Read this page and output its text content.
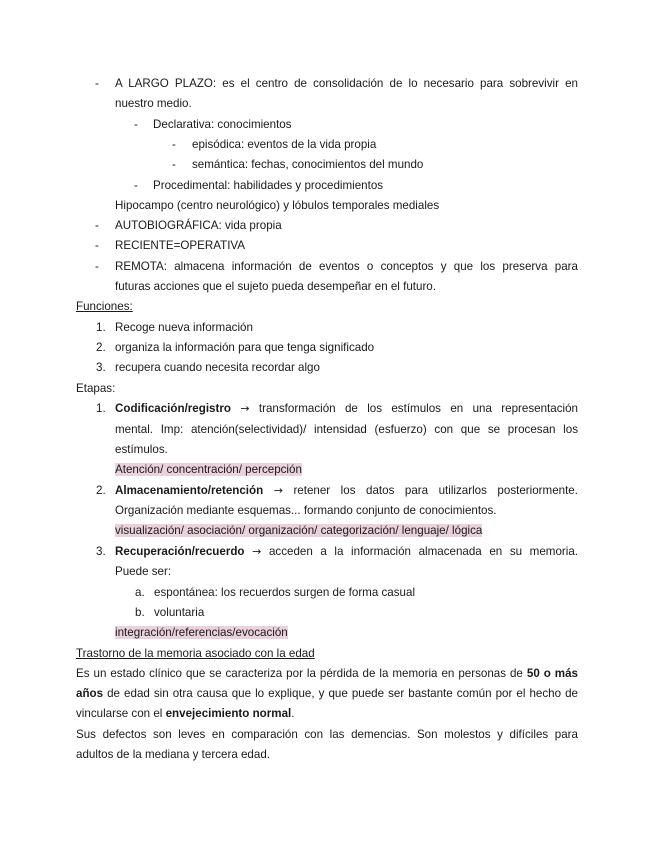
- A LARGO PLAZO: es el centro de consolidación de lo necesario para sobrevivir en
nuestro medio.
- Declarativa: conocimientos
- episódica: eventos de la vida propia
- semántica: fechas, conocimientos del mundo
- Procedimental: habilidades y procedimientos
Hipocampo (centro neurológico) y lóbulos temporales mediales
- AUTOBIOGRÁFICA: vida propia
- RECIENTE=OPERATIVA
- REMOTA: almacena información de eventos o conceptos y que los preserva para
futuras acciones que el sujeto pueda desempeñar en el futuro.
Funciones:
1. Recoge nueva información
2. organiza la información para que tenga significado
3. recupera cuando necesita recordar algo
Etapas:
1. Codificación/registro → transformación de los estímulos en una representación
mental. Imp: atención(selectividad)/ intensidad (esfuerzo) con que se procesan los
estímulos.
Atención/ concentración/ percepción
2. Almacenamiento/retención → retener los datos para utilizarlos posteriormente.
Organización mediante esquemas... formando conjunto de conocimientos.
visualización/ asociación/ organización/ categorización/ lenguaje/ lógica
3. Recuperación/recuerdo → acceden a la información almacenada en su memoria.
Puede ser:
a. espontánea: los recuerdos surgen de forma casual
b. voluntaria
integración/referencias/evocación
Trastorno de la memoria asociado con la edad
Es un estado clínico que se caracteriza por la pérdida de la memoria en personas de 50 o más
años de edad sin otra causa que lo explique, y que puede ser bastante común por el hecho de
vincularse con el envejecimiento normal.
Sus defectos son leves en comparación con las demencias. Son molestos y difíciles para
adultos de la mediana y tercera edad.
